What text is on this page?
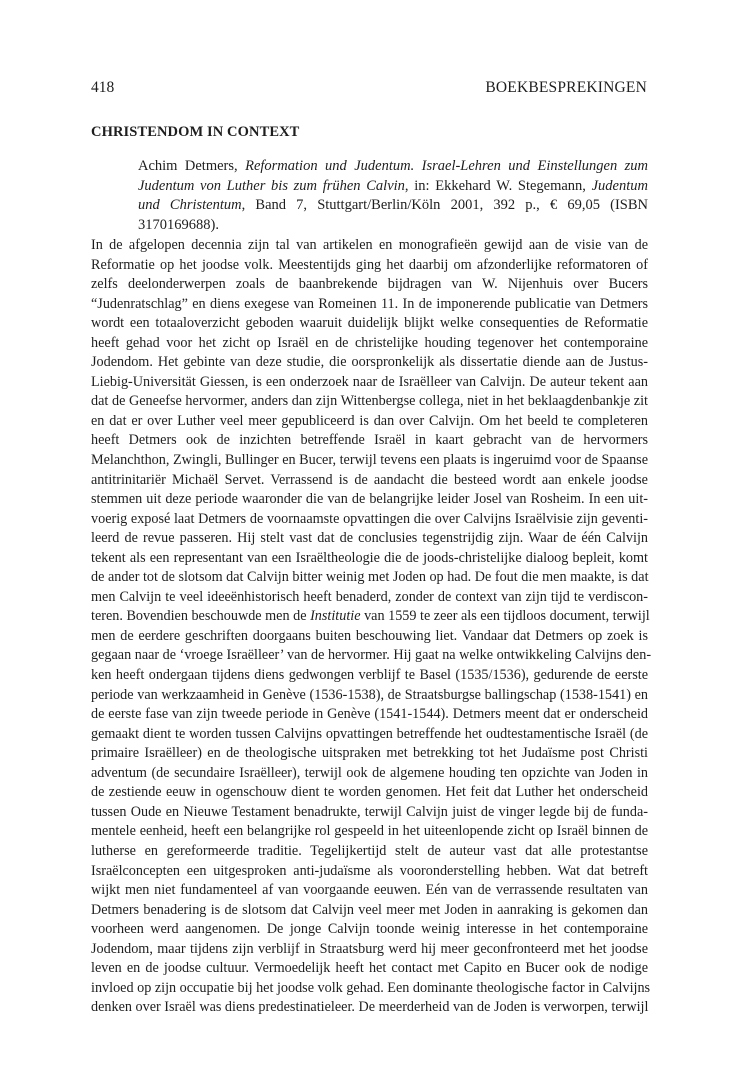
418	BOEKBESPREKINGEN
CHRISTENDOM IN CONTEXT
Achim Detmers, Reformation und Judentum. Israel-Lehren und Einstellungen zum Judentum von Luther bis zum frühen Calvin, in: Ekkehard W. Stegemann, Judentum und Christentum, Band 7, Stuttgart/Berlin/Köln 2001, 392 p., € 69,05 (ISBN 3170169688).
In de afgelopen decennia zijn tal van artikelen en monografieën gewijd aan de visie van de
Reformatie op het joodse volk. Meestentijds ging het daarbij om afzonderlijke reformatoren of
zelfs deelonderwerpen zoals de baanbrekende bijdragen van W. Nijenhuis over Bucers
“Judenratschlag” en diens exegese van Romeinen 11. In de imponerende publicatie van Detmers
wordt een totaaloverzicht geboden waaruit duidelijk blijkt welke consequenties de Reformatie
heeft gehad voor het zicht op Israël en de christelijke houding tegenover het contemporaine
Jodendom. Het gebinte van deze studie, die oorspronkelijk als dissertatie diende aan de Justus-
Liebig-Universität Giessen, is een onderzoek naar de Israëlleer van Calvijn. De auteur tekent aan
dat de Geneefse hervormer, anders dan zijn Wittenbergse collega, niet in het beklaagdenbankje zit
en dat er over Luther veel meer gepubliceerd is dan over Calvijn. Om het beeld te completeren
heeft Detmers ook de inzichten betreffende Israël in kaart gebracht van de hervormers
Melanchthon, Zwingli, Bullinger en Bucer, terwijl tevens een plaats is ingeruimd voor de Spaanse
antitrinitariër Michaël Servet. Verrassend is de aandacht die besteed wordt aan enkele joodse
stemmen uit deze periode waaronder die van de belangrijke leider Josel van Rosheim. In een uit-
voerig exposé laat Detmers de voornaamste opvattingen die over Calvijns Israëlvisie zijn geventi-
leerd de revue passeren. Hij stelt vast dat de conclusies tegenstrijdig zijn. Waar de één Calvijn
tekent als een representant van een Israëltheologie die de joods-christelijke dialoog bepleit, komt
de ander tot de slotsom dat Calvijn bitter weinig met Joden op had. De fout die men maakte, is dat
men Calvijn te veel ideeënhistorisch heeft benaderd, zonder de context van zijn tijd te verdiscon-
teren. Bovendien beschouwde men de Institutie van 1559 te zeer als een tijdloos document, terwijl
men de eerdere geschriften doorgaans buiten beschouwing liet. Vandaar dat Detmers op zoek is
gegaan naar de ‘vroege Israëlleer’ van de hervormer. Hij gaat na welke ontwikkeling Calvijns den-
ken heeft ondergaan tijdens diens gedwongen verblijf te Basel (1535/1536), gedurende de eerste
periode van werkzaamheid in Genève (1536-1538), de Straatsburgse ballingschap (1538-1541) en
de eerste fase van zijn tweede periode in Genève (1541-1544). Detmers meent dat er onderscheid
gemaakt dient te worden tussen Calvijns opvattingen betreffende het oudtestamentische Israël (de
primaire Israëlleer) en de theologische uitspraken met betrekking tot het Judaïsme post Christi
adventum (de secundaire Israëlleer), terwijl ook de algemene houding ten opzichte van Joden in
de zestiende eeuw in ogenschouw dient te worden genomen. Het feit dat Luther het onderscheid
tussen Oude en Nieuwe Testament benadrukte, terwijl Calvijn juist de vinger legde bij de funda-
mentele eenheid, heeft een belangrijke rol gespeeld in het uiteenlopende zicht op Israël binnen de
lutherse en gereformeerde traditie. Tegelijkertijd stelt de auteur vast dat alle protestantse
Israëlconcepten een uitgesproken anti-judaïsme als vooronderstelling hebben. Wat dat betreft
wijkt men niet fundamenteel af van voorgaande eeuwen. Eén van de verrassende resultaten van
Detmers benadering is de slotsom dat Calvijn veel meer met Joden in aanraking is gekomen dan
voorheen werd aangenomen. De jonge Calvijn toonde weinig interesse in het contemporaine
Jodendom, maar tijdens zijn verblijf in Straatsburg werd hij meer geconfronteerd met het joodse
leven en de joodse cultuur. Vermoedelijk heeft het contact met Capito en Bucer ook de nodige
invloed op zijn occupatie bij het joodse volk gehad. Een dominante theologische factor in Calvijns
denken over Israël was diens predestinatieleer. De meerderheid van de Joden is verworpen, terwijl
